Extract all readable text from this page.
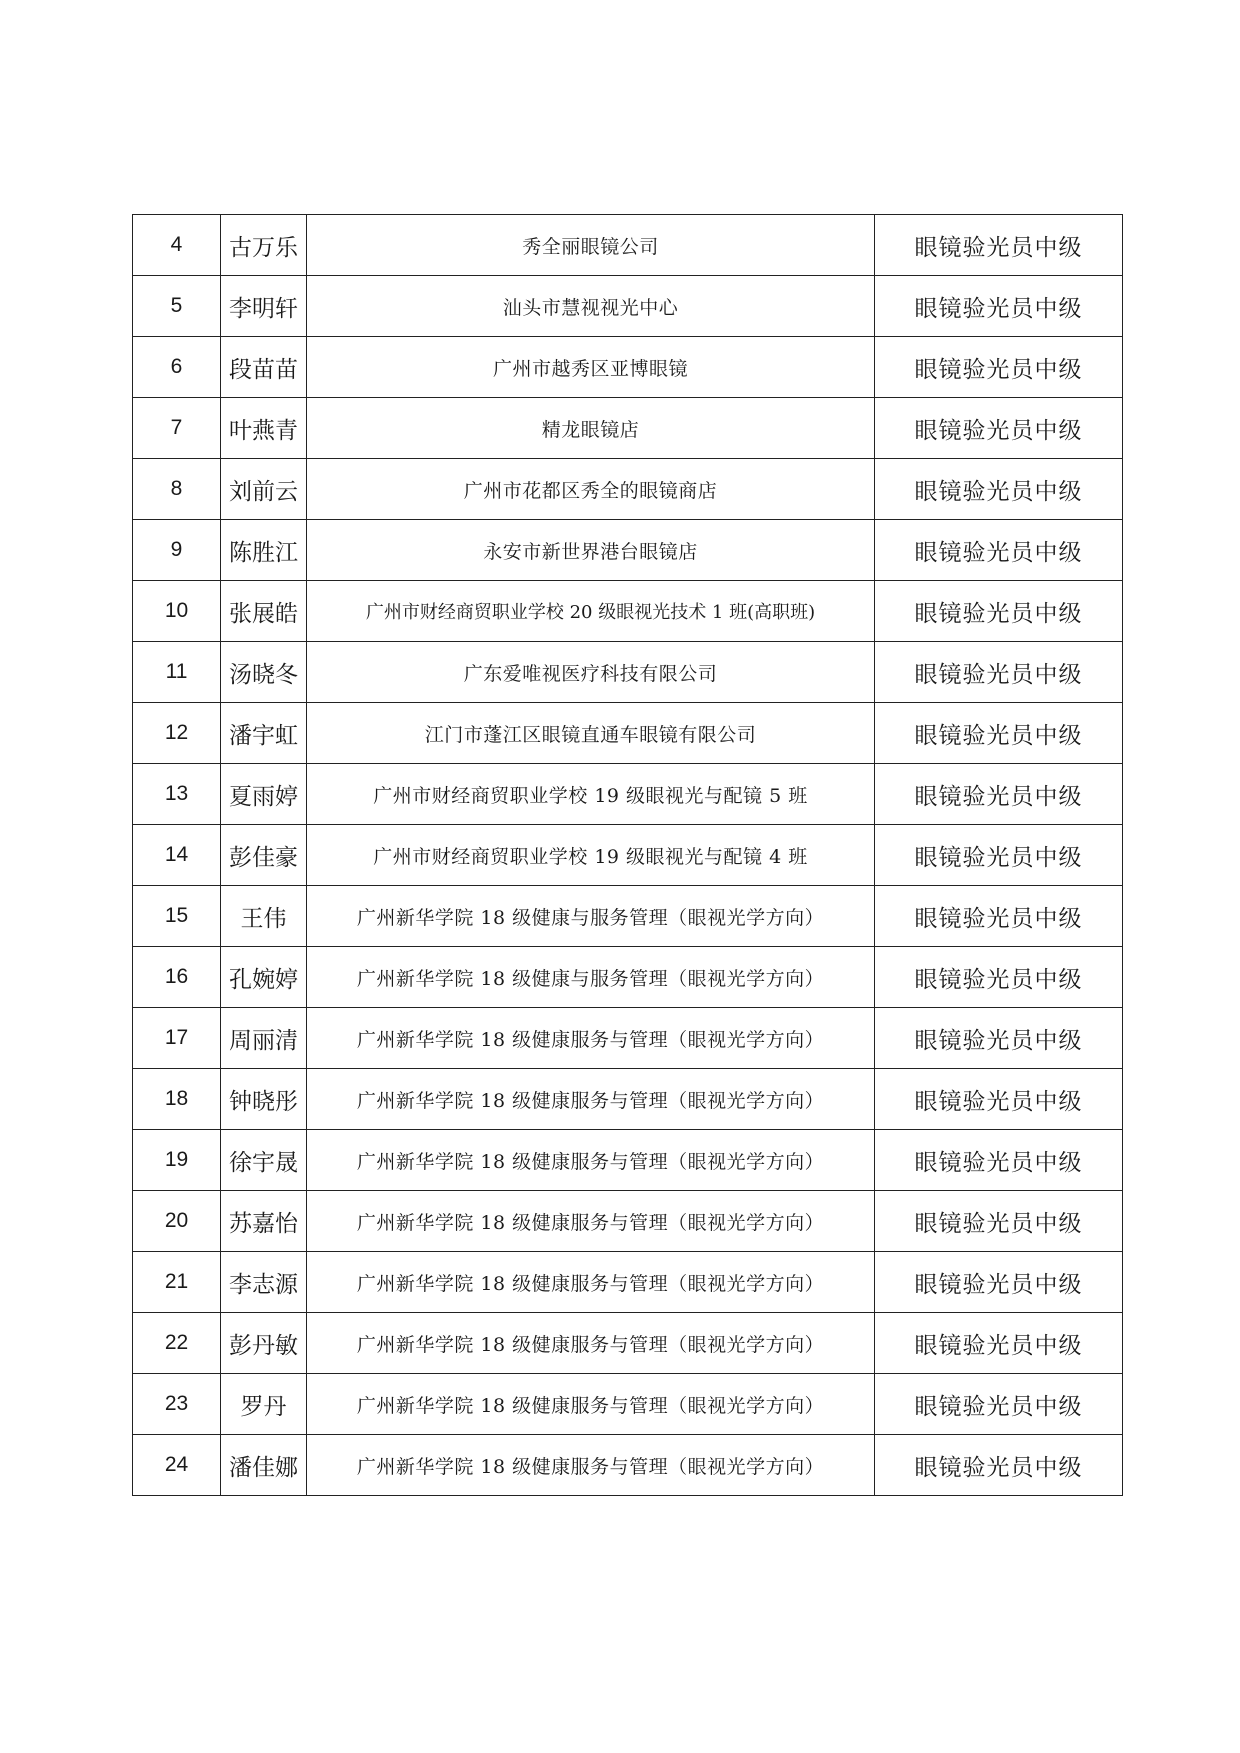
4	古万乐	秀全丽眼镜公司	眼镜验光员中级
5	李明轩	汕头市慧视视光中心	眼镜验光员中级
6	段苗苗	广州市越秀区亚博眼镜	眼镜验光员中级
7	叶燕青	精龙眼镜店	眼镜验光员中级
8	刘前云	广州市花都区秀全的眼镜商店	眼镜验光员中级
9	陈胜江	永安市新世界港台眼镜店	眼镜验光员中级
10	张展皓	广州市财经商贸职业学校 20 级眼视光技术 1 班(高职班)	眼镜验光员中级
11	汤晓冬	广东爱唯视医疗科技有限公司	眼镜验光员中级
12	潘宇虹	江门市蓬江区眼镜直通车眼镜有限公司	眼镜验光员中级
13	夏雨婷	广州市财经商贸职业学校 19 级眼视光与配镜 5 班	眼镜验光员中级
14	彭佳豪	广州市财经商贸职业学校 19 级眼视光与配镜 4 班	眼镜验光员中级
15	王伟	广州新华学院 18 级健康与服务管理（眼视光学方向）	眼镜验光员中级
16	孔婉婷	广州新华学院 18 级健康与服务管理（眼视光学方向）	眼镜验光员中级
17	周丽清	广州新华学院 18 级健康服务与管理（眼视光学方向）	眼镜验光员中级
18	钟晓彤	广州新华学院 18 级健康服务与管理（眼视光学方向）	眼镜验光员中级
19	徐宇晟	广州新华学院 18 级健康服务与管理（眼视光学方向）	眼镜验光员中级
20	苏嘉怡	广州新华学院 18 级健康服务与管理（眼视光学方向）	眼镜验光员中级
21	李志源	广州新华学院 18 级健康服务与管理（眼视光学方向）	眼镜验光员中级
22	彭丹敏	广州新华学院 18 级健康服务与管理（眼视光学方向）	眼镜验光员中级
23	罗丹	广州新华学院 18 级健康服务与管理（眼视光学方向）	眼镜验光员中级
24	潘佳娜	广州新华学院 18 级健康服务与管理（眼视光学方向）	眼镜验光员中级
